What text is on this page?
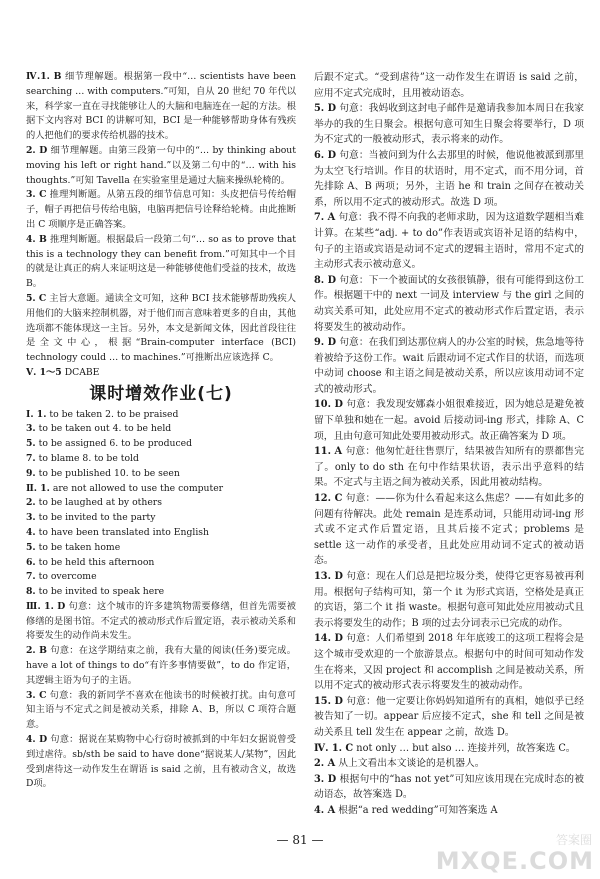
Ⅳ.1. B 细节理解题。根据第一段中“… scientists have been searching … with computers.”可知，自从 20 世纪 70 年代以来，科学家一直在寻找能够让人的大脑和电脑连在一起的方法。根据下文内容对 BCI 的讲解可知，BCI 是一种能够帮助身体有残疾的人把他们的要求传给机器的技术。

2. D 细节理解题。由第三段第一句中的“… by thinking about moving his left or right hand.”以及第二句中的“… with his thoughts.”可知 Tavella 在实验室里是通过大脑来操纵轮椅的。

3. C 推理判断题。从第五段的细节信息可知：头皮把信号传给帽子，帽子再把信号传给电脑，电脑再把信号诠释给轮椅。由此推断出 C 项顺序是正确答案。

4. B 推理判断题。根据最后一段第二句“… so as to prove that this is a technology they can benefit from.”可知其中一个目的就是让真正的病人来证明这是一种能够使他们受益的技术，故选 B。

5. C 主旨大意题。通读全文可知，这种 BCI 技术能够帮助残疾人用他们的大脑来控制机器，对于他们而言意味着更多的自由，其他选项都不能体现这一主旨。另外，本文是新闻文体，因此首段往往是全文中心，根据“Brain-computer interface (BCI) technology could … to machines.”可推断出应该选择 C。

Ⅴ. 1～5 DCABE

课时增效作业(七)

Ⅰ. 1. to be taken 2. to be praised

3. to be taken out 4. to be held

5. to be assigned 6. to be produced

7. to blame 8. to be told

9. to be published 10. to be seen

Ⅱ. 1. are not allowed to use the computer

2. to be laughed at by others

3. to be invited to the party

4. to have been translated into English

5. to be taken home

6. to be held this afternoon

7. to overcome

8. to be invited to speak here

Ⅲ. 1. D 句意：这个城市的许多建筑物需要修缮，但首先需要被修缮的是图书馆。不定式的被动形式作后置定语，表示被动关系和将要发生的动作尚未发生。

2. B 句意：在这学期结束之前，我有大量的阅读(任务)要完成。have a lot of things to do“有许多事情要做”，to do 作定语，其逻辑主语为句子的主语。

3. C 句意：我的新同学不喜欢在他读书的时候被打扰。由句意可知主语与不定式之间是被动关系，排除 A、B，所以 C 项符合题意。

4. D 句意：据说在某购物中心行窃时被抓到的中年妇女据说曾受到过虐待。sb/sth be said to have done“据说某人/某物”，因此受到虐待这一动作发生在谓语 is said 之前，且有被动含义，故选D项。

后跟不定式。“受到虐待”这一动作发生在谓语 is said 之前，应用不定式完成时，且用被动语态。

5. D 句意：我妈收到这封电子邮件是邀请我参加本周日在我家举办的我的生日聚会。根据句意可知生日聚会将要举行，D 项为不定式的一般被动形式，表示将来的动作。

6. D 句意：当被问到为什么去那里的时候，他说他被派到那里为太空飞行培训。作目的状语时，用不定式，而不用分词，首先排除 A、B 两项；另外，主语 he 和 train 之间存在被动关系，所以用不定式的被动形式。故选 D 项。

7. A 句意：我不得不向我的老师求助，因为这道数学题相当难计算。在某些“adj. + to do”作表语或宾语补足语的结构中，句子的主语或宾语是动词不定式的逻辑主语时，常用不定式的主动形式表示被动意义。

8. D 句意：下一个被面试的女孩很镇静，很有可能得到这份工作。根据题干中的 next 一词及 interview 与 the girl 之间的动宾关系可知，此处应用不定式的被动形式作后置定语，表示将要发生的被动动作。

9. D 句意：在我们到达那位病人的办公室的时候，焦急地等待着被给予这份工作。wait 后跟动词不定式作目的状语，而选项中动词 choose 和主语之间是被动关系，所以应该用动词不定式的被动形式。

10. D 句意：我发现安娜森小姐很难接近，因为她总是避免被留下单独和她在一起。avoid 后接动词-ing 形式，排除 A、C 项，且由句意可知此处要用被动形式。故正确答案为 D 项。

11. A 句意：他匆忙赶往售票厅，结果被告知所有的票都售完了。only to do sth 在句中作结果状语，表示出乎意料的结果。不定式与主语之间为被动关系，因此用被动结构。

12. C 句意：——你为什么看起来这么焦虑？——有如此多的问题有待解决。此处 remain 是连系动词，只能用动词-ing 形式或不定式作后置定语，且其后接不定式；problems 是 settle 这一动作的承受者，且此处应用动词不定式的被动语态。

13. D 句意：现在人们总是把垃圾分类，使得它更容易被再利用。根据句子结构可知，第一个 it 为形式宾语，空格处是真正的宾语，第二个 it 指 waste。根据句意可知此处应用被动式且表示将要发生的动作；B 项的过去分词表示已完成的动作。

14. D 句意：人们希望到 2018 年年底竣工的这项工程将会是这个城市受欢迎的一个旅游景点。根据句中的时间可知动作发生在将来，又因 project 和 accomplish 之间是被动关系，所以用不定式的被动形式表示将要发生的被动动作。

15. D 句意：他一定要让你妈妈知道所有的真相，她似乎已经被告知了一切。appear 后应接不定式，she 和 tell 之间是被动关系且 tell 发生在 appear 之前，故选 D。

Ⅳ. 1. C not only … but also … 连接并列，故答案选 C。

2. A 从上文看出本文谈论的是机器人。

3. D 根据句中的“has not yet”可知应该用现在完成时态的被动语态，故答案选 D。

4. A 根据“a red wedding”可知答案选 A

— 81 —	答案圈
MXQE.COM
